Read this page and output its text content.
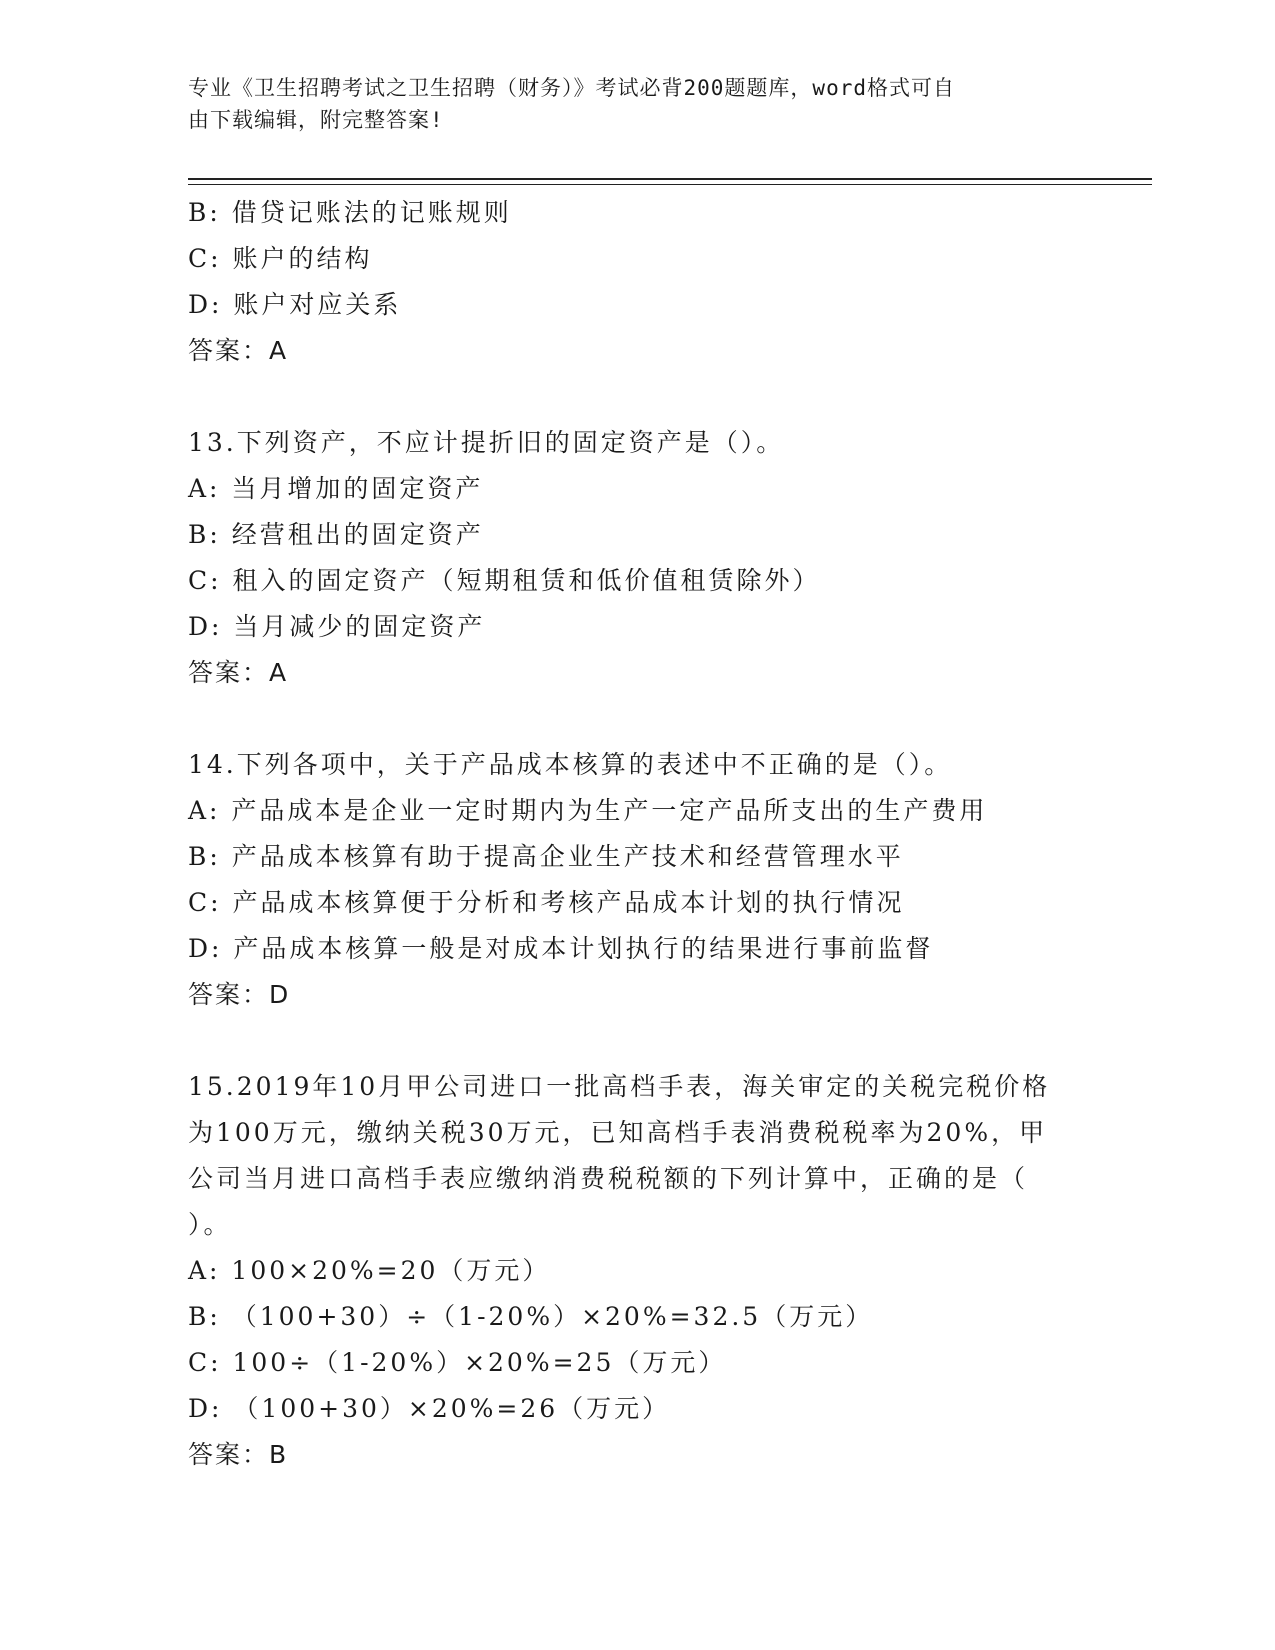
专业《卫生招聘考试之卫生招聘（财务）》考试必背200题题库，word格式可自
由下载编辑，附完整答案!
B: 借贷记账法的记账规则
C: 账户的结构
D: 账户对应关系
答案：A
13.下列资产，不应计提折旧的固定资产是（）。
A: 当月增加的固定资产
B: 经营租出的固定资产
C: 租入的固定资产（短期租赁和低价值租赁除外）
D: 当月减少的固定资产
答案：A
14.下列各项中，关于产品成本核算的表述中不正确的是（）。
A: 产品成本是企业一定时期内为生产一定产品所支出的生产费用
B: 产品成本核算有助于提高企业生产技术和经营管理水平
C: 产品成本核算便于分析和考核产品成本计划的执行情况
D: 产品成本核算一般是对成本计划执行的结果进行事前监督
答案：D
15.2019年10月甲公司进口一批高档手表，海关审定的关税完税价格
为100万元，缴纳关税30万元，已知高档手表消费税税率为20%，甲
公司当月进口高档手表应缴纳消费税税额的下列计算中，正确的是（
）。
A: 100×20%=20（万元）
B: （100+30）÷（1-20%）×20%=32.5（万元）
C: 100÷（1-20%）×20%=25（万元）
D: （100+30）×20%=26（万元）
答案：B
